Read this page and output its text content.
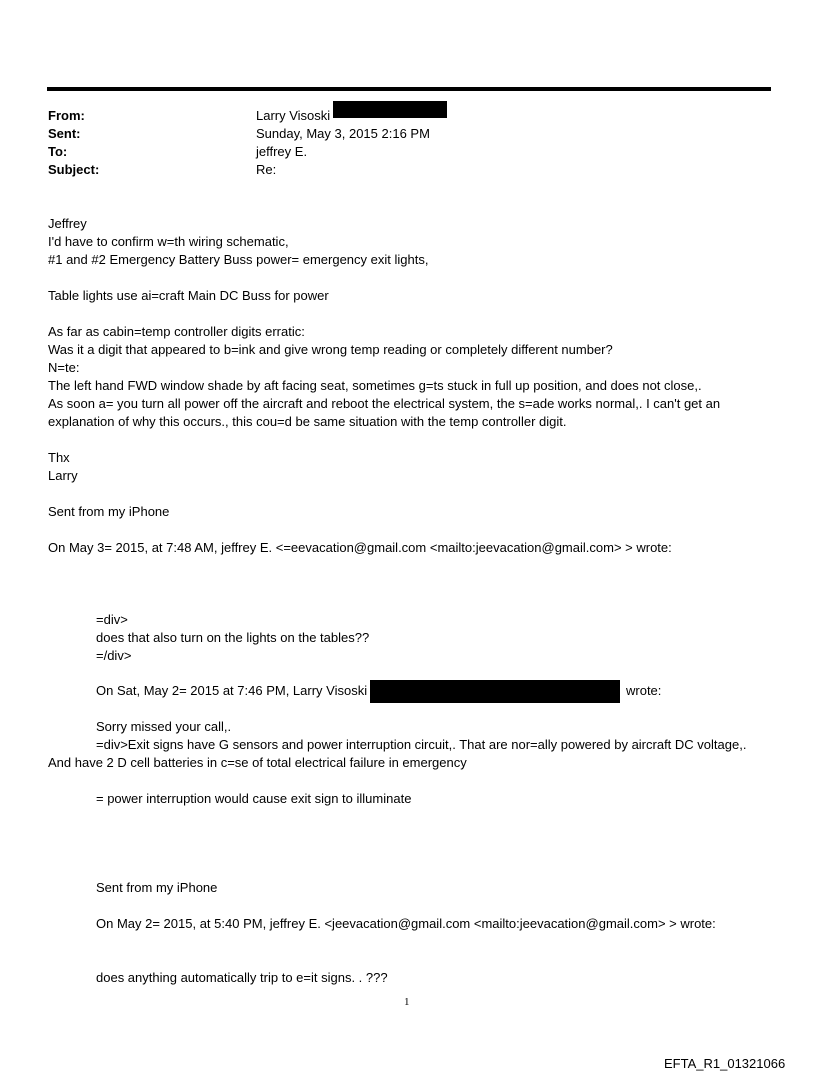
From:	Larry Visoski
Sent:	Sunday, May 3, 2015 2:16 PM
To:	jeffrey E.
Subject:	Re:
Jeffrey
I'd have to confirm w=th wiring schematic,
#1 and #2 Emergency Battery Buss power= emergency exit lights,
Table lights use ai=craft Main DC Buss for power
As far as cabin=temp controller digits erratic:
Was it a digit that appeared to b=ink and give wrong temp reading or completely different number?
N=te:
The left hand FWD window shade by aft facing seat, sometimes g=ts stuck in full up position, and does not close,.
As soon a= you turn all power off the aircraft and reboot the electrical system, the s=ade works normal,. I can't get an
explanation of why this occurs., this cou=d be same situation with the temp controller digit.
Thx
Larry
Sent from my iPhone
On May 3= 2015, at 7:48 AM, jeffrey E. <=eevacation@gmail.com <mailto:jeevacation@gmail.com> > wrote:
=div>
does that also turn on the lights on the tables??
=/div>
On Sat, May 2= 2015 at 7:46 PM, Larry Visoski	wrote:
Sorry missed your call,.
=div>Exit signs have G sensors and power interruption circuit,. That are nor=ally powered by aircraft DC voltage,.
And have 2 D cell batteries in c=se of total electrical failure in emergency
= power interruption would cause exit sign to illuminate
Sent from my iPhone
On May 2= 2015, at 5:40 PM, jeffrey E. <jeevacation@gmail.com <mailto:jeevacation@gmail.com> > wrote:
does anything automatically trip to e=it signs. . ???
1
EFTA_R1_01321066
